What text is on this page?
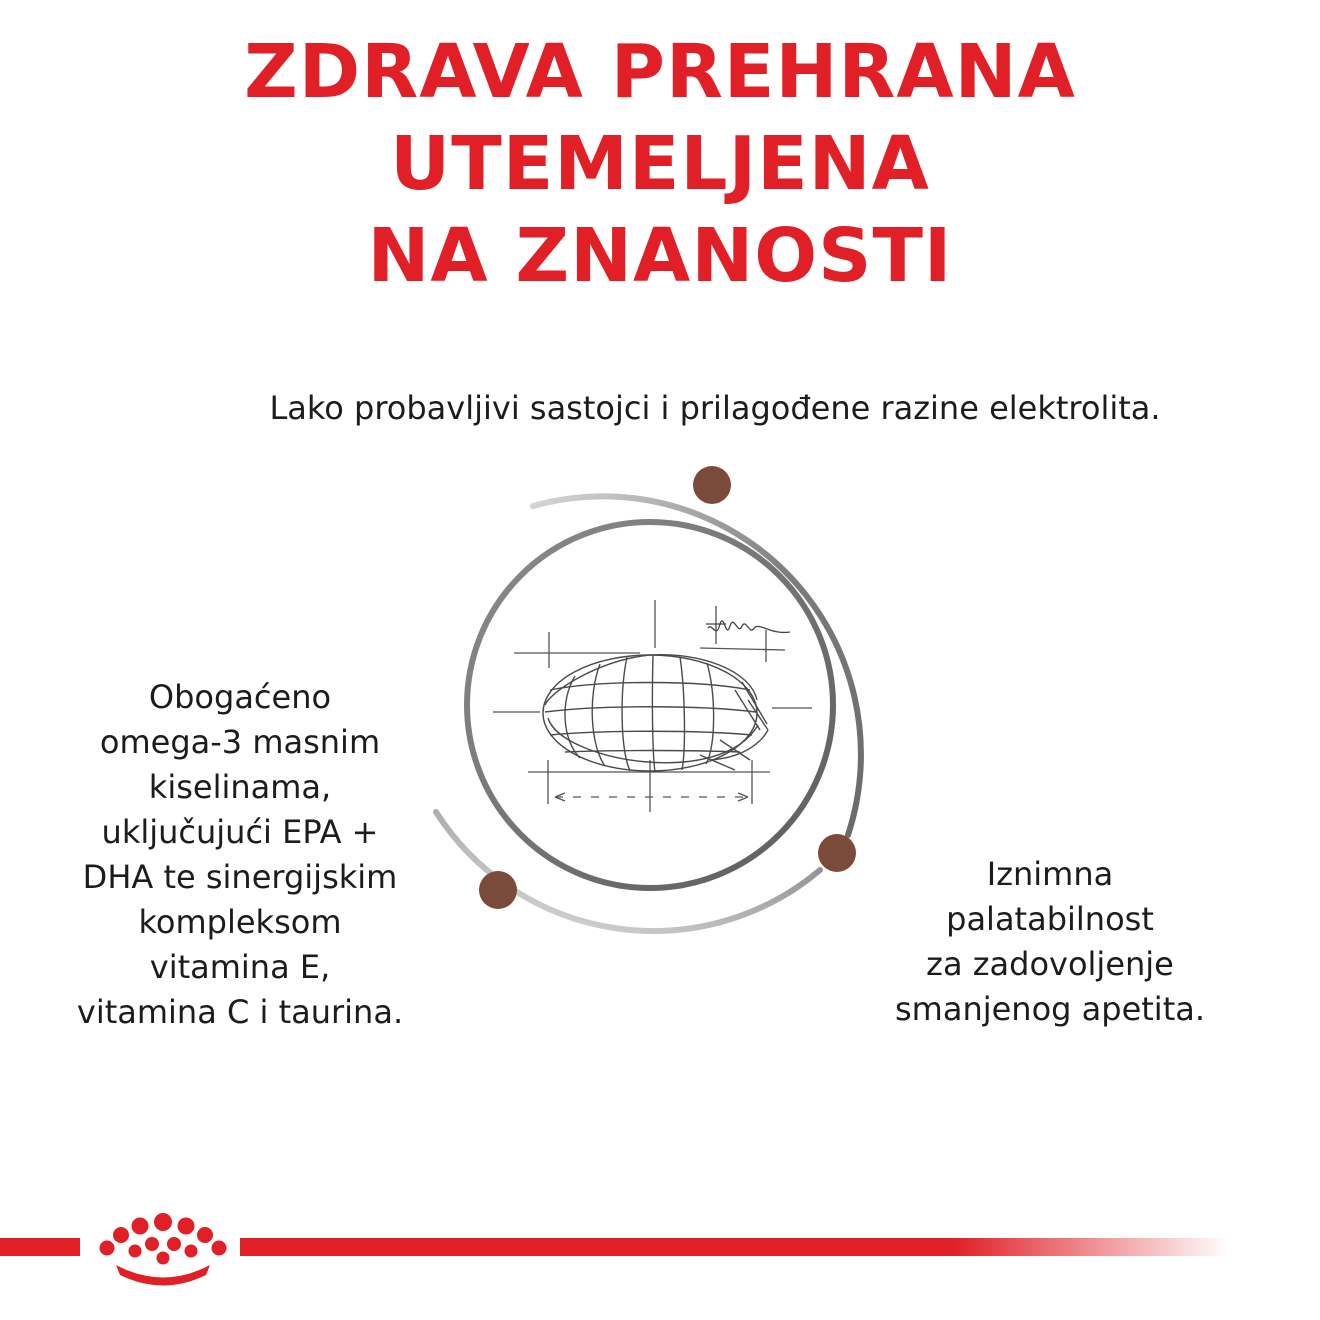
ZDRAVA PREHRANA UTEMELJENA
NA ZNANOSTI

Lako probavljivi sastojci i prilagođene razine elektrolita.

Obogaćeno
omega-3 masnim
kiselinama,
uključujući EPA +
DHA te sinergijskim
kompleksom
vitamina E,
vitamina C i taurina.

Iznimna
palatabilnost
za zadovoljenje
smanjenog apetita.
